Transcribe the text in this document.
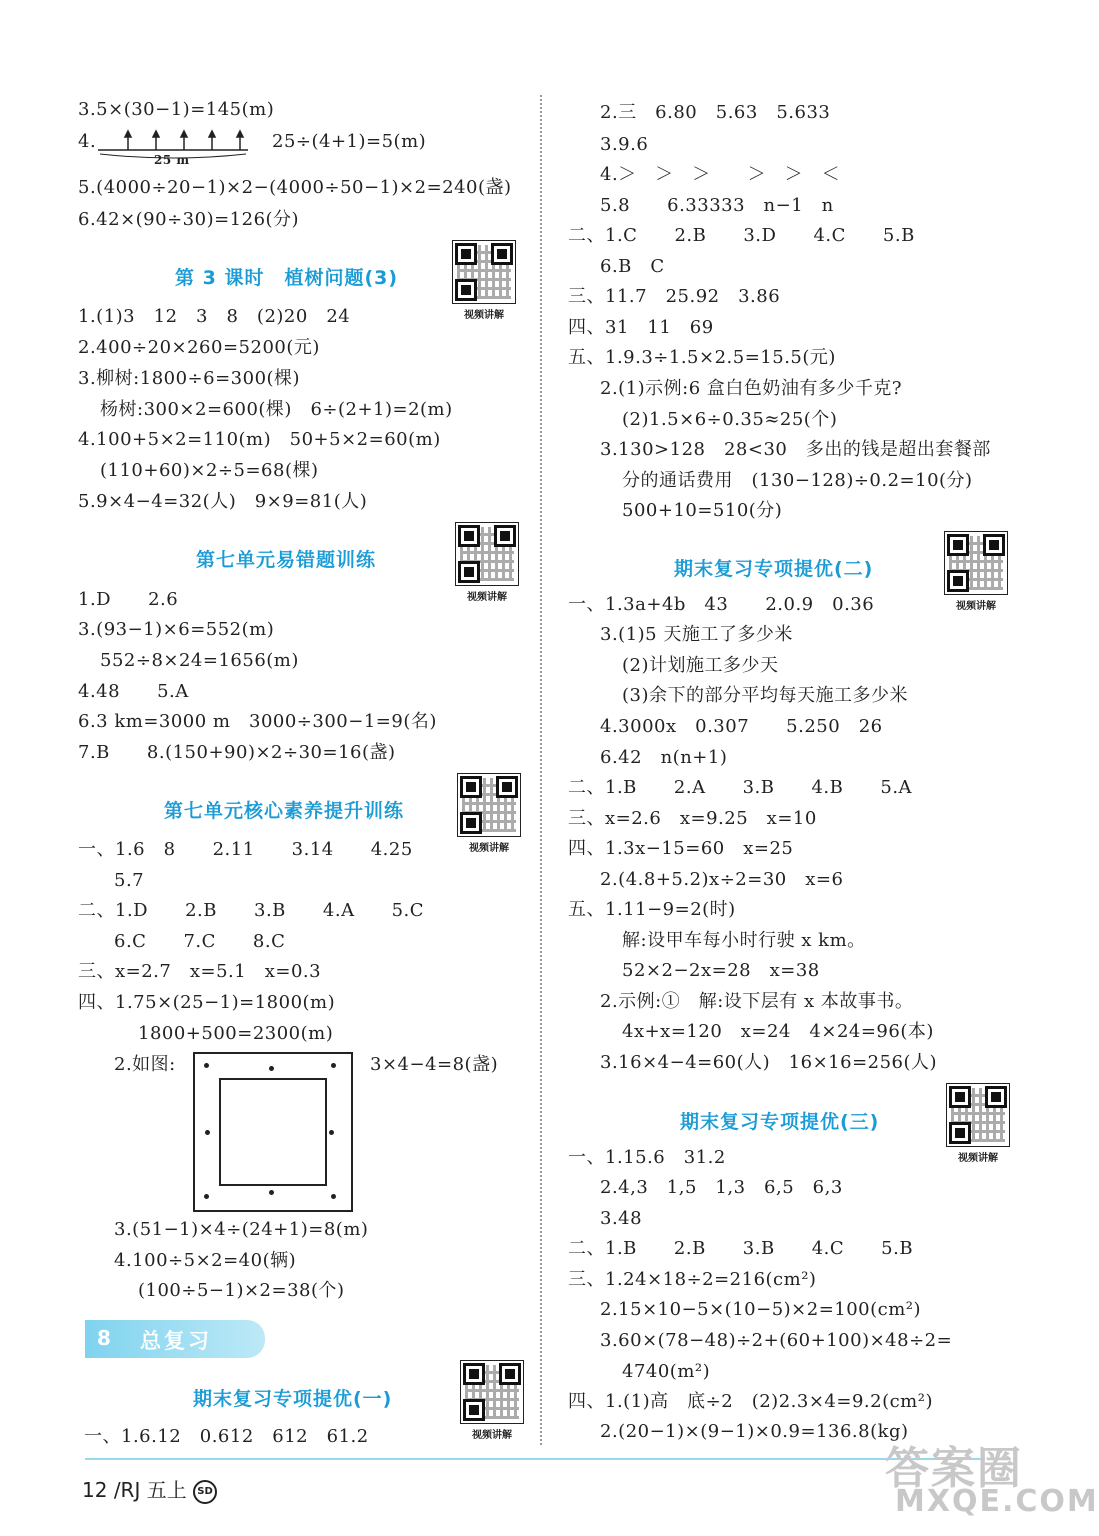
3.5×(30−1)=145(m)
4.
25 m
25÷(4+1)=5(m)
5.(4000÷20−1)×2−(4000÷50−1)×2=240(盏)
6.42×(90÷30)=126(分)
第 3 课时　植树问题(3)
视频讲解
1.(1)3　12　3　8　(2)20　24
2.400÷20×260=5200(元)
3.柳树:1800÷6=300(棵)
杨树:300×2=600(棵)　6÷(2+1)=2(m)
4.100+5×2=110(m)　50+5×2=60(m)
(110+60)×2÷5=68(棵)
5.9×4−4=32(人)　9×9=81(人)
第七单元易错题训练
视频讲解
1.D　　2.6
3.(93−1)×6=552(m)
552÷8×24=1656(m)
4.48　　5.A
6.3 km=3000 m　3000÷300−1=9(名)
7.B　　8.(150+90)×2÷30=16(盏)
第七单元核心素养提升训练
视频讲解
一、1.6　8　　2.11　　3.14　　4.25
5.7
二、1.D　　2.B　　3.B　　4.A　　5.C
6.C　　7.C　　8.C
三、x=2.7　x=5.1　x=0.3
四、1.75×(25−1)=1800(m)
1800+500=2300(m)
2.如图:	3×4−4=8(盏)
3.(51−1)×4÷(24+1)=8(m)
4.100÷5×2=40(辆)
(100÷5−1)×2=38(个)
8 总复习
期末复习专项提优(一)
视频讲解
一、1.6.12　0.612　612　61.2
2.三　6.80　5.63　5.633
3.9.6
4.＞　＞　＞　　＞　＞　＜
5.8　　6.33333　n−1　n
二、1.C　　2.B　　3.D　　4.C　　5.B
6.B　C
三、11.7　25.92　3.86
四、31　11　69
五、1.9.3÷1.5×2.5=15.5(元)
2.(1)示例:6 盒白色奶油有多少千克?
(2)1.5×6÷0.35≈25(个)
3.130>128　28<30　多出的钱是超出套餐部
分的通话费用　(130−128)÷0.2=10(分)
500+10=510(分)
期末复习专项提优(二)
视频讲解
一、1.3a+4b　43　　2.0.9　0.36
3.(1)5 天施工了多少米
(2)计划施工多少天
(3)余下的部分平均每天施工多少米
4.3000x　0.307　　5.250　26
6.42　n(n+1)
二、1.B　　2.A　　3.B　　4.B　　5.A
三、x=2.6　x=9.25　x=10
四、1.3x−15=60　x=25
2.(4.8+5.2)x÷2=30　x=6
五、1.11−9=2(时)
解:设甲车每小时行驶 x km。
52×2−2x=28　x=38
2.示例:①　解:设下层有 x 本故事书。
4x+x=120　x=24　4×24=96(本)
3.16×4−4=60(人)　16×16=256(人)
期末复习专项提优(三)
视频讲解
一、1.15.6　31.2
2.4,3　1,5　1,3　6,5　6,3
3.48
二、1.B　　2.B　　3.B　　4.C　　5.B
三、1.24×18÷2=216(cm²)
2.15×10−5×(10−5)×2=100(cm²)
3.60×(78−48)÷2+(60+100)×48÷2=
4740(m²)
四、1.(1)高　底÷2　(2)2.3×4=9.2(cm²)
2.(20−1)×(9−1)×0.9=136.8(kg)
12 /RJ 五上 SD	答案圈
MXQE.COM
